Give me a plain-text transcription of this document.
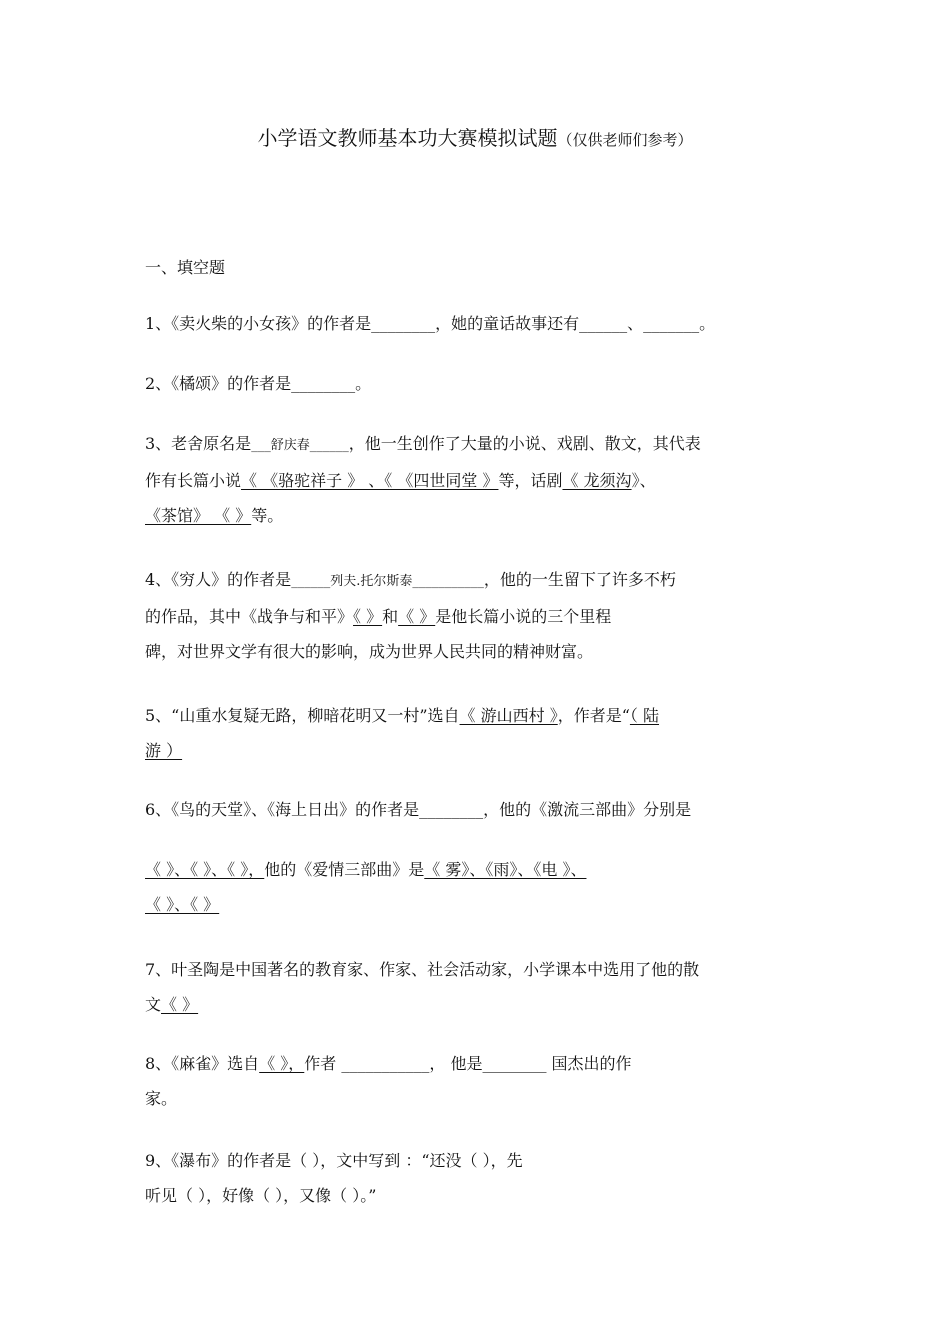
小学语文教师基本功大赛模拟试题（仅供老师们参考）
一、填空题
1、《卖火柴的小女孩》的作者是________，她的童话故事还有______、_______。
2、《橘颂》的作者是________。
3、老舍原名是___舒庆春______，他一生创作了大量的小说、戏剧、散文，其代表
作有长篇小说《 《骆驼祥子 》 、《 《四世同堂 》等，话剧《 龙须沟》、
《茶馆》 《 》等。
4、《穷人》的作者是______列夫.托尔斯泰___________，他的一生留下了许多不朽
的作品，其中《战争与和平》《 》和《 》是他长篇小说的三个里程
碑，对世界文学有很大的影响，成为世界人民共同的精神财富。
5、“山重水复疑无路，柳暗花明又一村”选自《 游山西村 》，作者是“（ 陆
游 ）
6、《鸟的天堂》、《海上日出》的作者是________，他的《激流三部曲》分别是
《 》、《 》、《 》，他的《爱情三部曲》是《 雾》、《雨》、《电 》、
《 》、《 》
7、叶圣陶是中国著名的教育家、作家、社会活动家，小学课本中选用了他的散
文《 》
8、《麻雀》选自《 》，作者 ___________， 他是________ 国杰出的作
家。
9、《瀑布》的作者是（ ），文中写到 ：“还没（ ），先
听见（ ），好像（ ），又像（ ）。”
